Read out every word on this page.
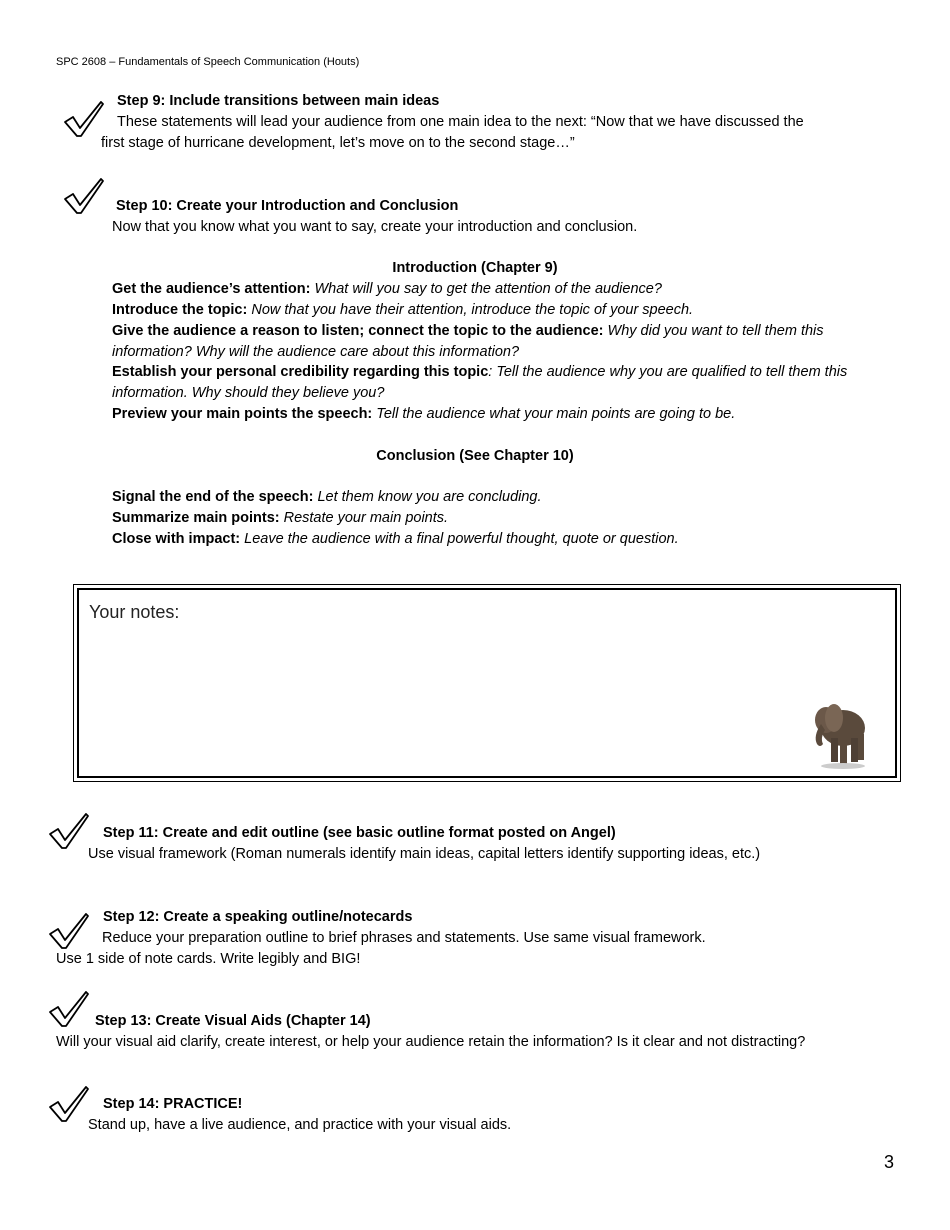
SPC 2608 – Fundamentals of Speech Communication (Houts)
Step 9: Include transitions between main ideas
These statements will lead your audience from one main idea to the next: “Now that we have discussed the
first stage of hurricane development, let’s move on to the second stage…”
Step 10: Create your Introduction and Conclusion
Now that you know what you want to say, create your introduction and conclusion.
Introduction (Chapter 9)
Get the audience’s attention: What will you say to get the attention of the audience?
Introduce the topic: Now that you have their attention, introduce the topic of your speech.
Give the audience a reason to listen; connect the topic to the audience: Why did you want to tell them this
information? Why will the audience care about this information?
Establish your personal credibility regarding this topic: Tell the audience why you are qualified to tell them this
information. Why should they believe you?
Preview your main points the speech: Tell the audience what your main points are going to be.
Conclusion (See Chapter 10)
Signal the end of the speech: Let them know you are concluding.
Summarize main points: Restate your main points.
Close with impact: Leave the audience with a final powerful thought, quote or question.
Your notes:
Step 11: Create and edit outline (see basic outline format posted on Angel)
Use visual framework (Roman numerals identify main ideas, capital letters identify supporting ideas, etc.)
Step 12: Create a speaking outline/notecards
Reduce your preparation outline to brief phrases and statements. Use same visual framework.
Use 1 side of note cards. Write legibly and BIG!
Step 13: Create Visual Aids (Chapter 14)
Will your visual aid clarify, create interest, or help your audience retain the information? Is it clear and not distracting?
Step 14: PRACTICE!
Stand up, have a live audience, and practice with your visual aids.
3
